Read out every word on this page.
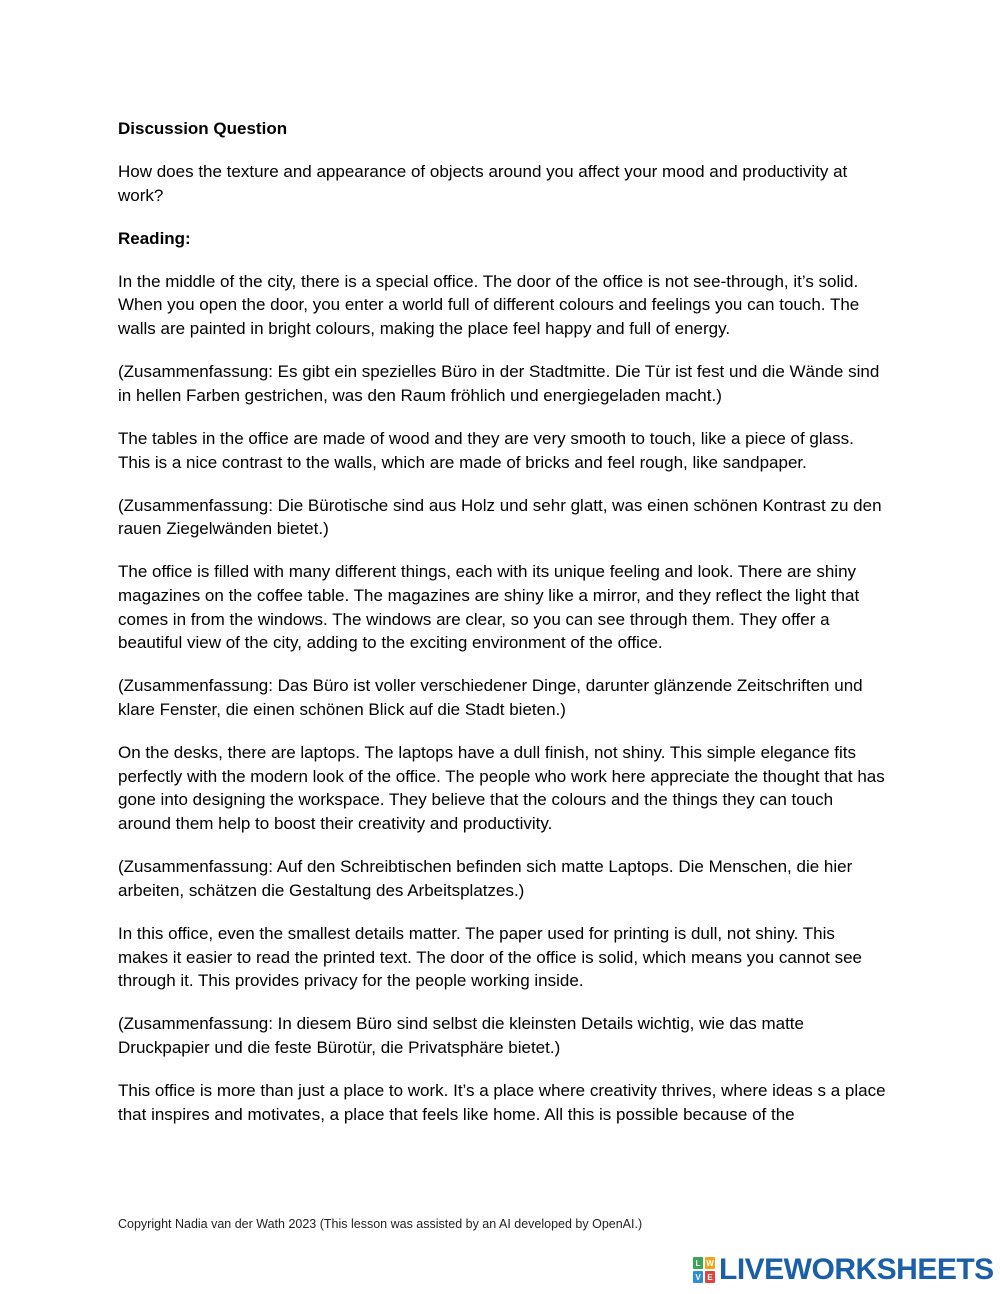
Discussion Question
How does the texture and appearance of objects around you affect your mood and productivity at work?
Reading:
In the middle of the city, there is a special office. The door of the office is not see-through, it’s solid. When you open the door, you enter a world full of different colours and feelings you can touch. The walls are painted in bright colours, making the place feel happy and full of energy.
(Zusammenfassung: Es gibt ein spezielles Büro in der Stadtmitte. Die Tür ist fest und die Wände sind in hellen Farben gestrichen, was den Raum fröhlich und energiegeladen macht.)
The tables in the office are made of wood and they are very smooth to touch, like a piece of glass. This is a nice contrast to the walls, which are made of bricks and feel rough, like sandpaper.
(Zusammenfassung: Die Bürotische sind aus Holz und sehr glatt, was einen schönen Kontrast zu den rauen Ziegelwänden bietet.)
The office is filled with many different things, each with its unique feeling and look. There are shiny magazines on the coffee table. The magazines are shiny like a mirror, and they reflect the light that comes in from the windows. The windows are clear, so you can see through them. They offer a beautiful view of the city, adding to the exciting environment of the office.
(Zusammenfassung: Das Büro ist voller verschiedener Dinge, darunter glänzende Zeitschriften und klare Fenster, die einen schönen Blick auf die Stadt bieten.)
On the desks, there are laptops. The laptops have a dull finish, not shiny. This simple elegance fits perfectly with the modern look of the office. The people who work here appreciate the thought that has gone into designing the workspace. They believe that the colours and the things they can touch around them help to boost their creativity and productivity.
(Zusammenfassung: Auf den Schreibtischen befinden sich matte Laptops. Die Menschen, die hier arbeiten, schätzen die Gestaltung des Arbeitsplatzes.)
In this office, even the smallest details matter. The paper used for printing is dull, not shiny. This makes it easier to read the printed text. The door of the office is solid, which means you cannot see through it. This provides privacy for the people working inside.
(Zusammenfassung: In diesem Büro sind selbst die kleinsten Details wichtig, wie das matte Druckpapier und die feste Bürotür, die Privatsphäre bietet.)
This office is more than just a place to work. It’s a place where creativity thrives, where ideas s a place that inspires and motivates, a place that feels like home. All this is possible because of the
Copyright Nadia van der Wath 2023 (This lesson was assisted by an AI developed by OpenAI.)
L W
V E LIVEWORKSHEETS
